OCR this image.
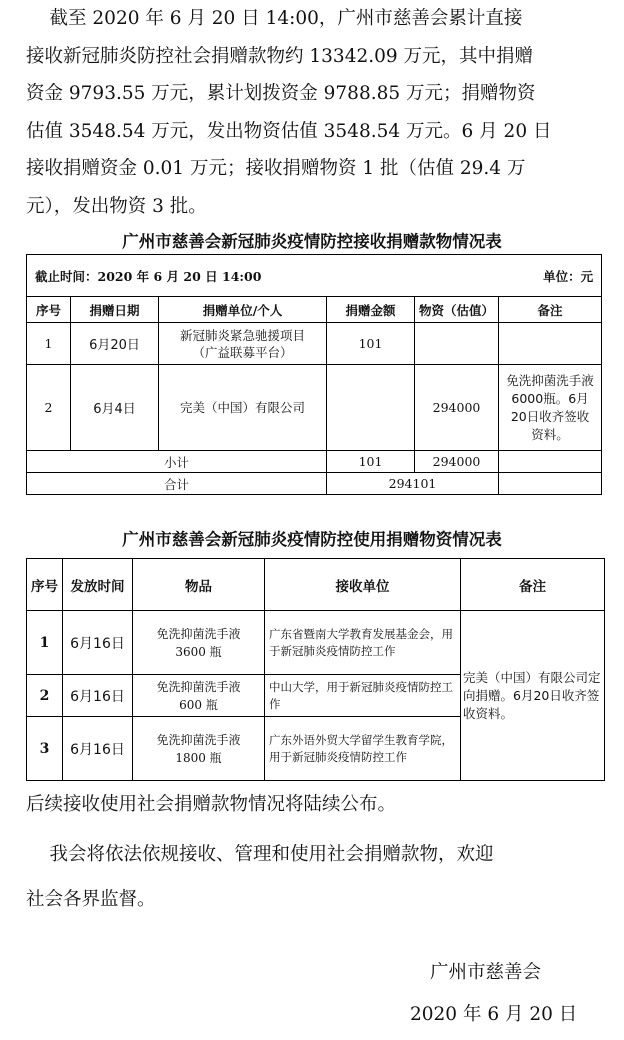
截至 2020 年 6 月 20 日 14:00，广州市慈善会累计直接
接收新冠肺炎防控社会捐赠款物约 13342.09 万元，其中捐赠
资金 9793.55 万元，累计划拨资金 9788.85 万元；捐赠物资
估值 3548.54 万元，发出物资估值 3548.54 万元。6 月 20 日
接收捐赠资金 0.01 万元；接收捐赠物资 1 批（估值 29.4 万
元），发出物资 3 批。
广州市慈善会新冠肺炎疫情防控接收捐赠款物情况表
截止时间：2020 年 6 月 20 日 14:00 单位：元					

序号	捐赠日期	捐赠单位/个人	捐赠金额	物资（估值）	备注
1	6月20日	新冠肺炎紧急驰援项目
（广益联募平台）	101		
2	6月4日	完美（中国）有限公司		294000	免洗抑菌洗手液 6000瓶。6月20日收齐签收资料。
小计			101	294000	
合计			294101		
广州市慈善会新冠肺炎疫情防控使用捐赠物资情况表
序号	发放时间	物品	接收单位	备注
1	6月16日	免洗抑菌洗手液
3600 瓶	广东省暨南大学教育发展基金会，用于新冠肺炎疫情防控工作	完美（中国）有限公司定向捐赠。6月20日收齐签收资料。
2	6月16日	免洗抑菌洗手液
600 瓶	中山大学，用于新冠肺炎疫情防控工作	
3	6月16日	免洗抑菌洗手液
1800 瓶	广东外语外贸大学留学生教育学院，用于新冠肺炎疫情防控工作	
后续接收使用社会捐赠款物情况将陆续公布。
我会将依法依规接收、管理和使用社会捐赠款物，欢迎
社会各界监督。
广州市慈善会
2020 年 6 月 20 日
